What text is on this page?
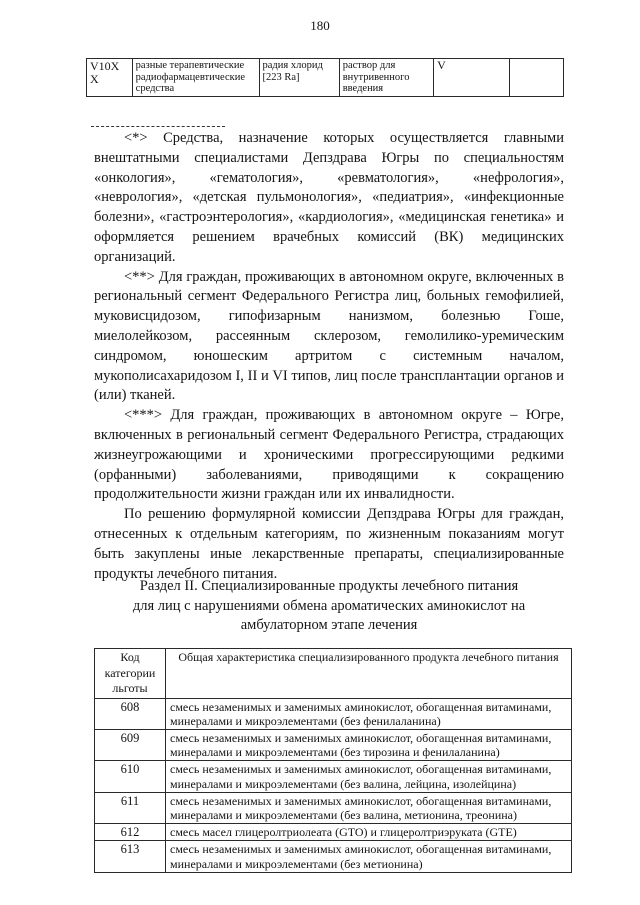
180
V10X X	разные терапевтические радиофармацевтические средства	радия хлорид [223 Ra]	раствор для внутривенного введения	V	

<*> Средства, назначение которых осуществляется главными внештатными специалистами Депздрава Югры по специальностям «онкология», «гематология», «ревматология», «нефрология», «неврология», «детская пульмонология», «педиатрия», «инфекционные болезни», «гастроэнтерология», «кардиология», «медицинская генетика» и оформляется решением врачебных комиссий (ВК) медицинских организаций.

<**> Для граждан, проживающих в автономном округе, включенных в региональный сегмент Федерального Регистра лиц, больных гемофилией, муковисцидозом, гипофизарным нанизмом, болезнью Гоше, миелолейкозом, рассеянным склерозом, гемолилико-уремическим синдромом, юношеским артритом с системным началом, мукополисахаридозом I, II и VI типов, лиц после трансплантации органов и (или) тканей.

<***> Для граждан, проживающих в автономном округе – Югре, включенных в региональный сегмент Федерального Регистра, страдающих жизнеугрожающими и хроническими прогрессирующими редкими (орфанными) заболеваниями, приводящими к сокращению продолжительности жизни граждан или их инвалидности.

По решению формулярной комиссии Депздрава Югры для граждан, отнесенных к отдельным категориям, по жизненным показаниям могут быть закуплены иные лекарственные препараты, специализированные продукты лечебного питания.

Раздел II. Специализированные продукты лечебного питания
для лиц с нарушениями обмена ароматических аминокислот на
амбулаторном этапе лечения
Код категории льготы	Общая характеристика специализированного продукта лечебного питания
608	смесь незаменимых и заменимых аминокислот, обогащенная витаминами, минералами и микроэлементами (без фенилаланина)
609	смесь незаменимых и заменимых аминокислот, обогащенная витаминами, минералами и микроэлементами (без тирозина и фенилаланина)
610	смесь незаменимых и заменимых аминокислот, обогащенная витаминами, минералами и микроэлементами (без валина, лейцина, изолейцина)
611	смесь незаменимых и заменимых аминокислот, обогащенная витаминами, минералами и микроэлементами (без валина, метионина, треонина)
612	смесь масел глицеролтриолеата (GTO) и глицеролтриэруката (GTE)
613	смесь незаменимых и заменимых аминокислот, обогащенная витаминами, минералами и микроэлементами (без метионина)
